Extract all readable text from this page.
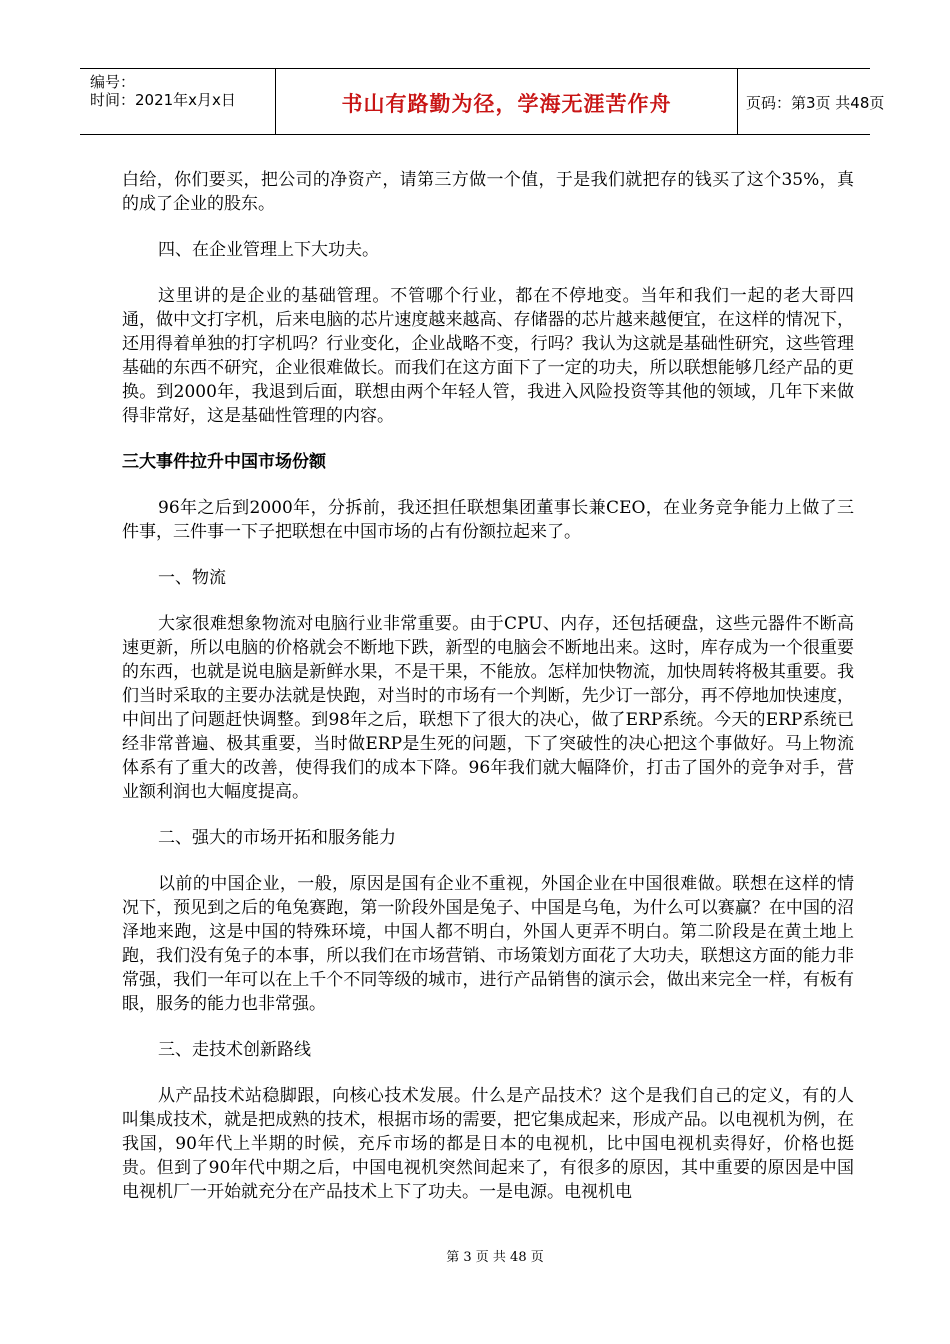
编号：
时间：2021年x月x日	书山有路勤为径，学海无涯苦作舟	页码：第3页 共48页

白给，你们要买，把公司的净资产，请第三方做一个值，于是我们就把存的钱买了这个35%，真的成了企业的股东。

四、在企业管理上下大功夫。

这里讲的是企业的基础管理。不管哪个行业，都在不停地变。当年和我们一起的老大哥四通，做中文打字机，后来电脑的芯片速度越来越高、存储器的芯片越来越便宜，在这样的情况下，还用得着单独的打字机吗？行业变化，企业战略不变，行吗？我认为这就是基础性研究，这些管理基础的东西不研究，企业很难做长。而我们在这方面下了一定的功夫，所以联想能够几经产品的更换。到2000年，我退到后面，联想由两个年轻人管，我进入风险投资等其他的领域，几年下来做得非常好，这是基础性管理的内容。

三大事件拉升中国市场份额

96年之后到2000年，分拆前，我还担任联想集团董事长兼CEO，在业务竞争能力上做了三件事，三件事一下子把联想在中国市场的占有份额拉起来了。

一、物流

大家很难想象物流对电脑行业非常重要。由于CPU、内存，还包括硬盘，这些元器件不断高速更新，所以电脑的价格就会不断地下跌，新型的电脑会不断地出来。这时，库存成为一个很重要的东西，也就是说电脑是新鲜水果，不是干果，不能放。怎样加快物流，加快周转将极其重要。我们当时采取的主要办法就是快跑，对当时的市场有一个判断，先少订一部分，再不停地加快速度，中间出了问题赶快调整。到98年之后，联想下了很大的决心，做了ERP系统。今天的ERP系统已经非常普遍、极其重要，当时做ERP是生死的问题，下了突破性的决心把这个事做好。马上物流体系有了重大的改善，使得我们的成本下降。96年我们就大幅降价，打击了国外的竞争对手，营业额利润也大幅度提高。

二、强大的市场开拓和服务能力

以前的中国企业，一般，原因是国有企业不重视，外国企业在中国很难做。联想在这样的情况下，预见到之后的龟兔赛跑，第一阶段外国是兔子、中国是乌龟，为什么可以赛赢？在中国的沼泽地来跑，这是中国的特殊环境，中国人都不明白，外国人更弄不明白。第二阶段是在黄土地上跑，我们没有兔子的本事，所以我们在市场营销、市场策划方面花了大功夫，联想这方面的能力非常强，我们一年可以在上千个不同等级的城市，进行产品销售的演示会，做出来完全一样，有板有眼，服务的能力也非常强。

三、走技术创新路线

从产品技术站稳脚跟，向核心技术发展。什么是产品技术？这个是我们自己的定义，有的人叫集成技术，就是把成熟的技术，根据市场的需要，把它集成起来，形成产品。以电视机为例，在我国，90年代上半期的时候，充斥市场的都是日本的电视机，比中国电视机卖得好，价格也挺贵。但到了90年代中期之后，中国电视机突然间起来了，有很多的原因，其中重要的原因是中国电视机厂一开始就充分在产品技术上下了功夫。一是电源。电视机电

第 3 页 共 48 页
